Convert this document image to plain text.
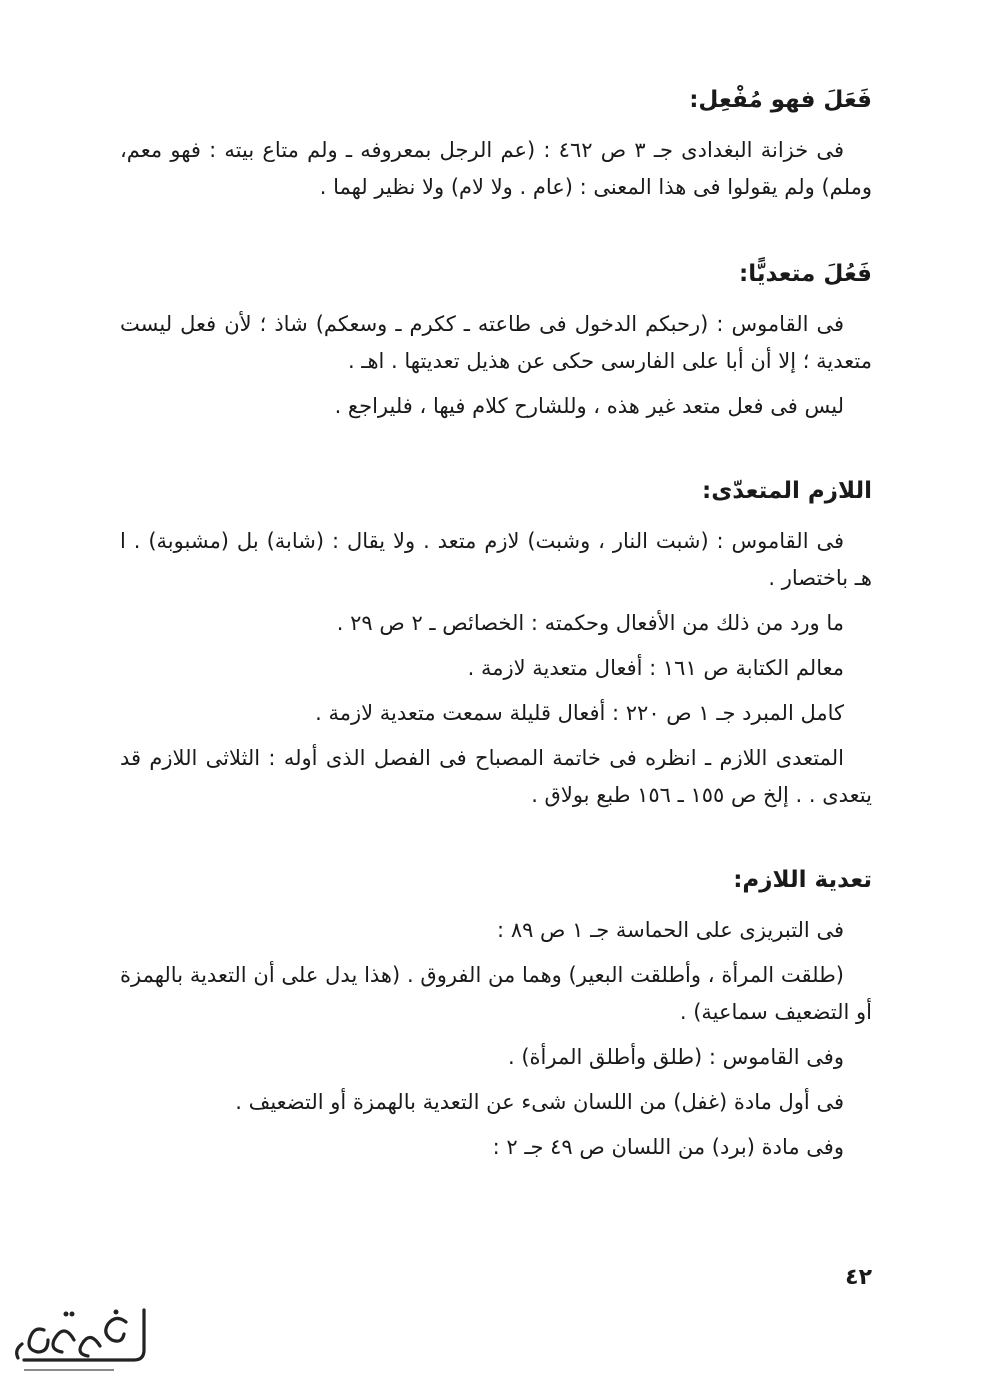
فَعَلَ فهو مُفْعِل:

فى خزانة البغدادى جـ ٣ ص ٤٦٢ : (عم الرجل بمعروفه ـ ولم متاع بيته : فهو معم، وملم) ولم يقولوا فى هذا المعنى : (عام . ولا لام) ولا نظير لهما .

فَعُلَ متعديًّا:

فى القاموس : (رحبكم الدخول فى طاعته ـ ككرم ـ وسعكم) شاذ ؛ لأن فعل ليست متعدية ؛ إلا أن أبا على الفارسى حكى عن هذيل تعديتها . اهـ .

ليس فى فعل متعد غير هذه ، وللشارح كلام فيها ، فليراجع .

اللازم المتعدّى:

فى القاموس : (شبت النار ، وشبت) لازم متعد . ولا يقال : (شابة) بل (مشبوبة) . ا هـ باختصار .

ما ورد من ذلك من الأفعال وحكمته : الخصائص ـ ٢ ص ٢٩ .

معالم الكتابة ص ١٦١ : أفعال متعدية لازمة .

كامل المبرد جـ ١ ص ٢٢٠ : أفعال قليلة سمعت متعدية لازمة .

المتعدى اللازم ـ انظره فى خاتمة المصباح فى الفصل الذى أوله : الثلاثى اللازم قد يتعدى . . إلخ ص ١٥٥ ـ ١٥٦ طبع بولاق .

تعدية اللازم:

فى التبريزى على الحماسة جـ ١ ص ٨٩ :

(طلقت المرأة ، وأطلقت البعير) وهما من الفروق . (هذا يدل على أن التعدية بالهمزة أو التضعيف سماعية) .

وفى القاموس : (طلق وأطلق المرأة) .

فى أول مادة (غفل) من اللسان شىء عن التعدية بالهمزة أو التضعيف .

وفى مادة (برد) من اللسان ص ٤٩ جـ ٢ :

٤٢
